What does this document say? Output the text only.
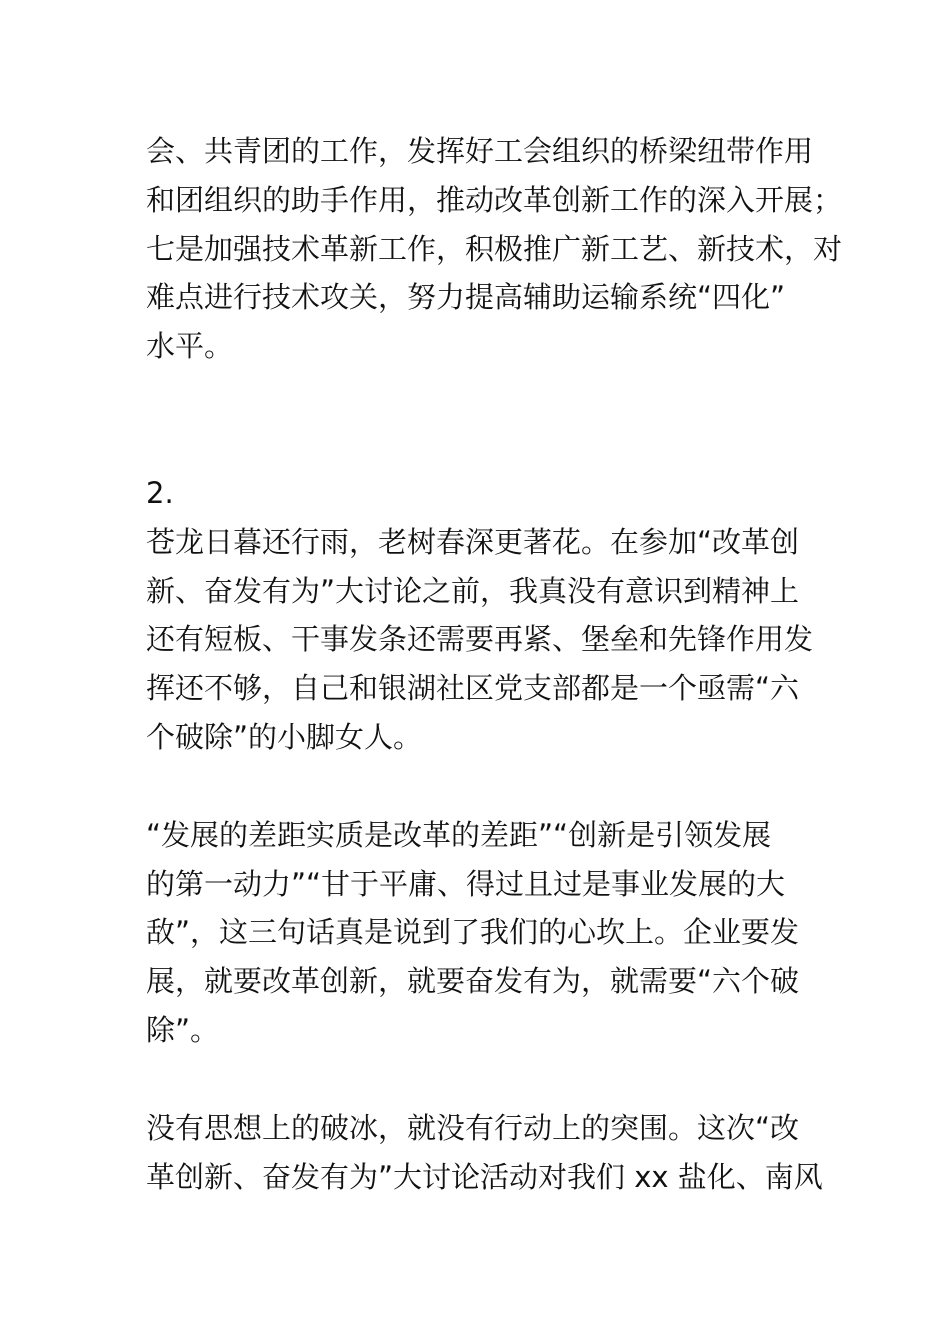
会、共青团的工作，发挥好工会组织的桥梁纽带作用
和团组织的助手作用，推动改革创新工作的深入开展；
七是加强技术革新工作，积极推广新工艺、新技术，对
难点进行技术攻关，努力提高辅助运输系统“四化”
水平。
2.
苍龙日暮还行雨，老树春深更著花。在参加“改革创
新、奋发有为”大讨论之前，我真没有意识到精神上
还有短板、干事发条还需要再紧、堡垒和先锋作用发
挥还不够，自己和银湖社区党支部都是一个亟需“六
个破除”的小脚女人。
“发展的差距实质是改革的差距”“创新是引领发展
的第一动力”“甘于平庸、得过且过是事业发展的大
敌”，这三句话真是说到了我们的心坎上。企业要发
展，就要改革创新，就要奋发有为，就需要“六个破
除”。
没有思想上的破冰，就没有行动上的突围。这次“改
革创新、奋发有为”大讨论活动对我们 xx 盐化、南风
